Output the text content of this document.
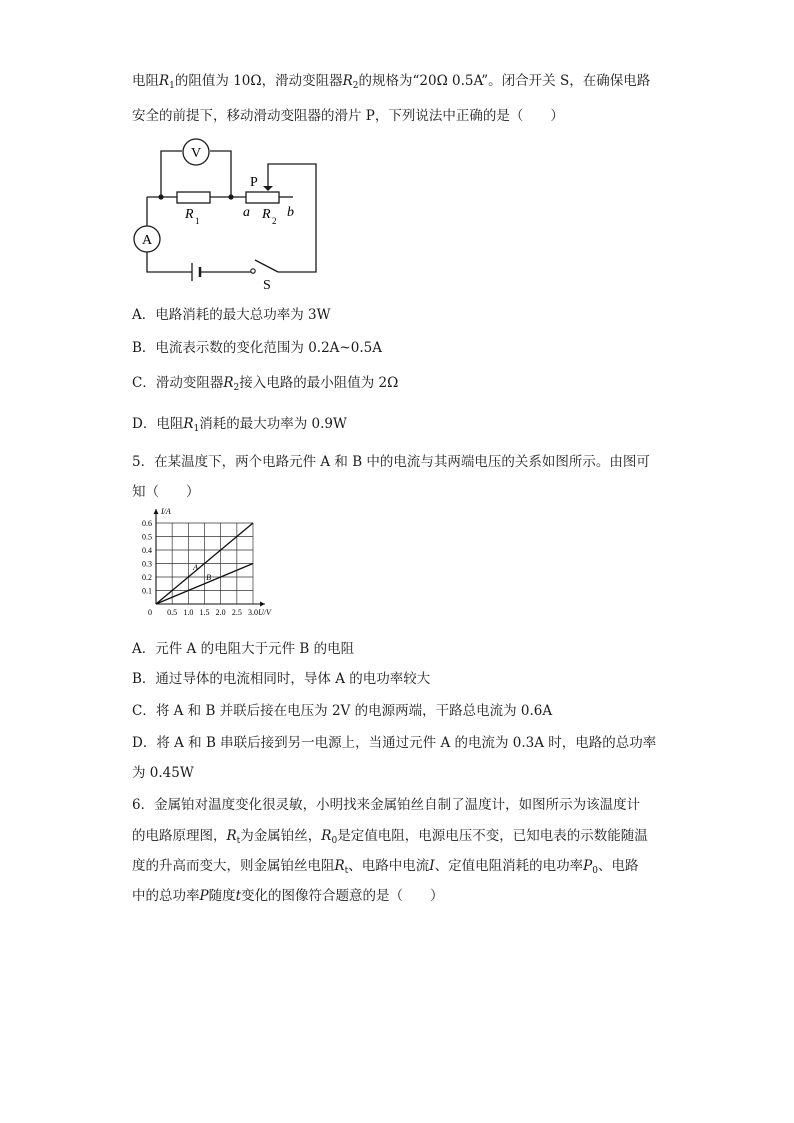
电阻$R_1$的阻值为 10Ω，滑动变阻器$R_2$的规格为“20Ω 0.5A”。闭合开关 S，在确保电路
安全的前提下，移动滑动变阻器的滑片 P，下列说法中正确的是（　　）
V
A
P
R 1
a R 2
b
S
A．电路消耗的最大总功率为 3W
B．电流表示数的变化范围为 0.2A~0.5A
C．滑动变阻器$R_2$接入电路的最小阻值为 2Ω
D．电阻$R_1$消耗的最大功率为 0.9W
5．在某温度下，两个电路元件 A 和 B 中的电流与其两端电压的关系如图所示。由图可
知（　　）
A
B
0.5 1.0 1.5 2.0 2.5 3.0
0.1
0.2
0.3
0.4
0.5
0.6
0	U/V
I/A
A．元件 A 的电阻大于元件 B 的电阻
B．通过导体的电流相同时，导体 A 的电功率较大
C．将 A 和 B 并联后接在电压为 2V 的电源两端，干路总电流为 0.6A
D．将 A 和 B 串联后接到另一电源上，当通过元件 A 的电流为 0.3A 时，电路的总功率
为 0.45W
6．金属铂对温度变化很灵敏，小明找来金属铂丝自制了温度计，如图所示为该温度计
的电路原理图，$R_t$为金属铂丝，$R_0$是定值电阻，电源电压不变，已知电表的示数能随温
度的升高而变大，则金属铂丝电阻$R_t$、电路中电流I、定值电阻消耗的电功率$P_0$、电路
中的总功率P随度t变化的图像符合题意的是（　　）
